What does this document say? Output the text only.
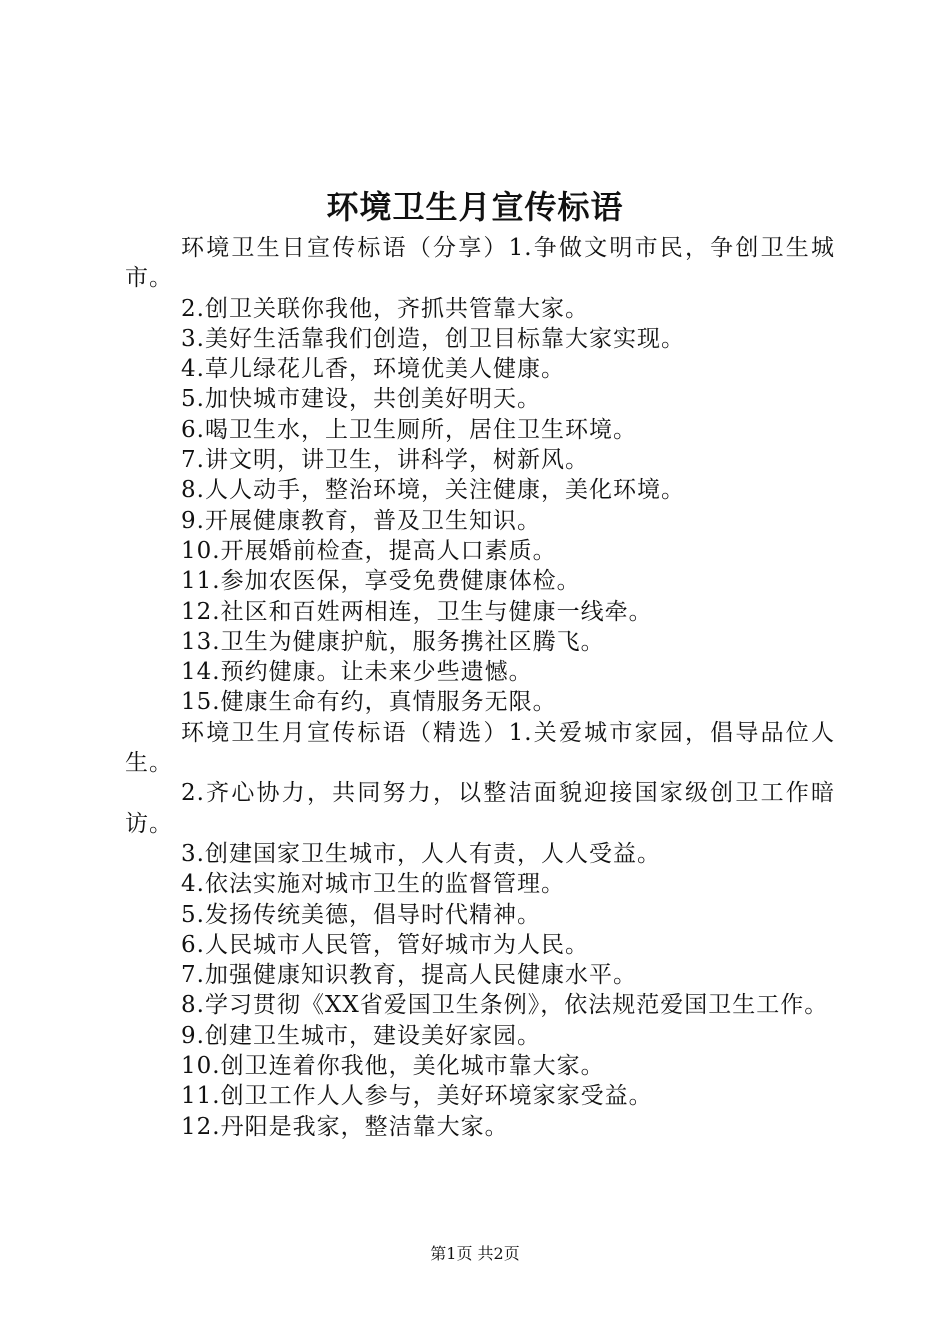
环境卫生月宣传标语

环境卫生日宣传标语（分享）1.争做文明市民，争创卫生城市。

2.创卫关联你我他，齐抓共管靠大家。

3.美好生活靠我们创造，创卫目标靠大家实现。

4.草儿绿花儿香，环境优美人健康。

5.加快城市建设，共创美好明天。

6.喝卫生水，上卫生厕所，居住卫生环境。

7.讲文明，讲卫生，讲科学，树新风。

8.人人动手，整治环境，关注健康，美化环境。

9.开展健康教育，普及卫生知识。

10.开展婚前检查，提高人口素质。

11.参加农医保，享受免费健康体检。

12.社区和百姓两相连，卫生与健康一线牵。

13.卫生为健康护航，服务携社区腾飞。

14.预约健康。让未来少些遗憾。

15.健康生命有约，真情服务无限。

环境卫生月宣传标语（精选）1.关爱城市家园，倡导品位人生。

2.齐心协力，共同努力，以整洁面貌迎接国家级创卫工作暗访。

3.创建国家卫生城市，人人有责，人人受益。

4.依法实施对城市卫生的监督管理。

5.发扬传统美德，倡导时代精神。

6.人民城市人民管，管好城市为人民。

7.加强健康知识教育，提高人民健康水平。

8.学习贯彻《XX省爱国卫生条例》，依法规范爱国卫生工作。

9.创建卫生城市，建设美好家园。

10.创卫连着你我他，美化城市靠大家。

11.创卫工作人人参与，美好环境家家受益。

12.丹阳是我家，整洁靠大家。

第1页 共2页
